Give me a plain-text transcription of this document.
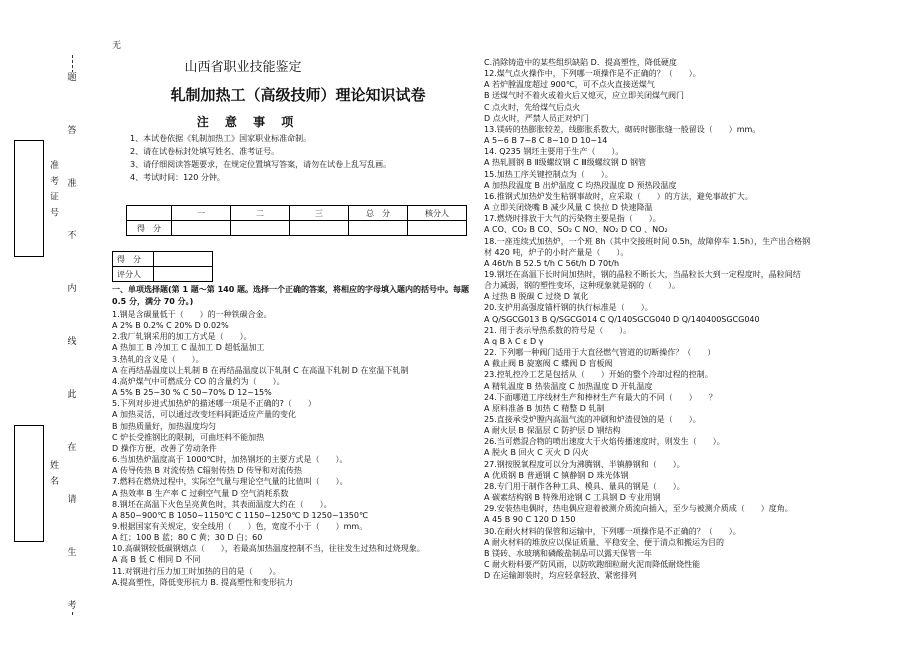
无
准 考 证 号
姓 名
题
答
准
不
内
线
此
在
请
生
考
山西省职业技能鉴定
轧制加热工（高级技师）理论知识试卷
注 意 事 项
1、本试卷依据《轧制加热工》国家职业标准命制。
2、请在试卷标封处填写姓名、准考证号。
3、请仔细阅读答题要求，在规定位置填写答案，请勿在试卷上乱写乱画。
4、考试时间：120 分钟。
	一	二	三	总　分	核分人
得　分					
得　分	
评分人	
一、单项选择题(第 1 题～第 140 题。选择一个正确的答案，将相应的字母填入题内的括号中。每题 0.5 分，满分 70 分。)
1.钢是含碳量低于（　　）的一种铁碳合金。
A 2% B 0.2% C 20% D 0.02%
2.我厂轧钢采用的加工方式是（　　）。
A 热加工 B 冷加工 C 温加工 D 超低温加工
3.热轧的含义是（　　）。
A 在再结晶温度以上轧制 B 在再结晶温度以下轧制 C 在高温下轧制 D 在室温下轧制
4.高炉煤气中可燃成分 CO 的含量约为（　　）。
A 5% B 25~30 % C 50~70% D 12~15%
5.下列对步进式加热炉的描述哪一项是不正确的?（　　）
A 加热灵活，可以通过改变坯料间距适应产量的变化
B 加热质量好，加热温度均匀
C 炉长受推钢比的限制，可曲坯料不能加热
D 操作方便，改善了劳动条件
6.当加热炉温度高于 1000℃时，加热钢坯的主要方式是（　　）。
A 传导传热 B 对流传热 C辐射传热 D 传导和对流传热
7.燃料在燃烧过程中，实际空气量与理论空气量的比值叫（　　）。
A 热效率 B 生产率 C 过剩空气量 D 空气消耗系数
8.钢坯在高温下火色呈亮黄色时，其表面温度大约在（　　）。
A 850~900℃ B 1050~1150℃ C 1150~1250℃ D 1250~1350℃
9.根据国家有关规定，安全线用（　　）色，宽度不小于（　　）mm。
A 红；100 B 蓝；80 C 黄；30 D 白；60
10.高碳钢较低碳钢熔点（　　），若最高加热温度控制不当，往往发生过热和过烧现象。
A 高 B 低 C 相同 D 不同
11.对钢进行压力加工时加热的目的是（　　）。
A.提高塑性，降低变形抗力 B. 提高塑性和变形抗力
C.消除铸造中的某些组织缺陷 D．提高塑性，降低硬度
12.煤气点火操作中，下列哪一项操作是不正确的？（　　）。
A 若炉膛温度超过 900℃，可不点火直接送煤气
B 送煤气时不着火或着火后又熄灭，应立即关闭煤气阀门
C 点火时，先给煤气后点火
D 点火时，严禁人员正对炉门
13.镁砖的热膨胀较差，线膨胀系数大，砌砖时膨胀缝一般留设（　　）mm。
A 5~6 B 7~8 C 8~10 D 10~14
14. Q235 钢坯主要用于生产（　　）。
A 热轧圆钢 B Ⅱ级螺纹钢 C Ⅲ级螺纹钢 D 钢管
15.加热工序关键控制点为（　　）。
A 加热段温度 B 出炉温度 C 均热段温度 D 预热段温度
16.推钢式加热炉发生粘钢事故时，应采取（　　）的方法，避免事故扩大。
A 立即关闭烧嘴 B 减少风量 C 快拉 D 快速降温
17.燃烧时排放于大气的污染物主要是指（　　）。
A CO、CO₂ B CO、SO₂ C NO、NO₂ D CO 、NO₂
18.一座连续式加热炉，一个班 8h（其中交接班时间 0.5h，故障停车 1.5h），生产出合格钢
材 420 吨，炉子的小时产量是（　　）。
A 46t/h B 52.5 t/h C 56t/h D 70t/h
19.钢坯在高温下长时间加热时，钢的晶粒不断长大，当晶粒长大到一定程度时，晶粒间结
合力减弱，钢的塑性变坏，这种现象就是钢的（　　）。
A 过热 B 脱碳 C 过烧 D 氧化
20.支护用高强度锚杆钢的执行标准是（　　）。
A Q/SGCG013 B Q/SGCG014 C Q/140SGCG040 D Q/140400SGCG040
21. 用于表示导热系数的符号是（　　）。
A q B λ C ε D γ
22. 下列哪一种阀门适用于大直径燃气管道的切断操作？（　　）
A 截止阀 B 旋塞阀 C 蝶阀 D 盲板阀
23.控轧控冷工艺是包括从（　　）开始的整个冷却过程的控制。
A 精轧温度 B 热装温度 C 加热温度 D 开轧温度
24.下面哪道工序线材生产和棒材生产有最大的不同（　　）　　？
A 原料准备 B 加热 C 精整 D 轧制
25.直接承受炉膛内高温气流的冲刷和炉渣侵蚀的是（　　）。
A 耐火层 B 保温层 C 防护层 D 钢结构
26.当可燃混合物的喷出速度大于火焰传播速度时，则发生（　　）。
A 脱火 B 回火 C 灭火 D 闪火
27.钢按脱氧程度可以分为沸腾钢、半镇静钢和（　　）。
A 优质钢 B 普通钢 C 镇静钢 D 珠光体钢
28.专门用于制作各种工具、模具、量具的钢是（　　）。
A 碳素结构钢 B 特殊用途钢 C 工具钢 D 专业用钢
29.安装热电偶时，热电偶应迎着被测介质流向插入，至少与被测介质成（　　）度角。
A 45 B 90 C 120 D 150
30.在耐火材料的保管和运输中，下列哪一项操作是不正确的？（　　）。
A 耐火材料的堆放应以保证质量、平稳安全、便于清点和搬运为目的
B 镁砖、水玻璃和磷酸盐制品可以露天保管一年
C 耐火粉料要严防风雨，以防吹跑细粒耐火泥而降低耐烧性能
D 在运输卸装时，均应轻拿轻放、紧密排列
